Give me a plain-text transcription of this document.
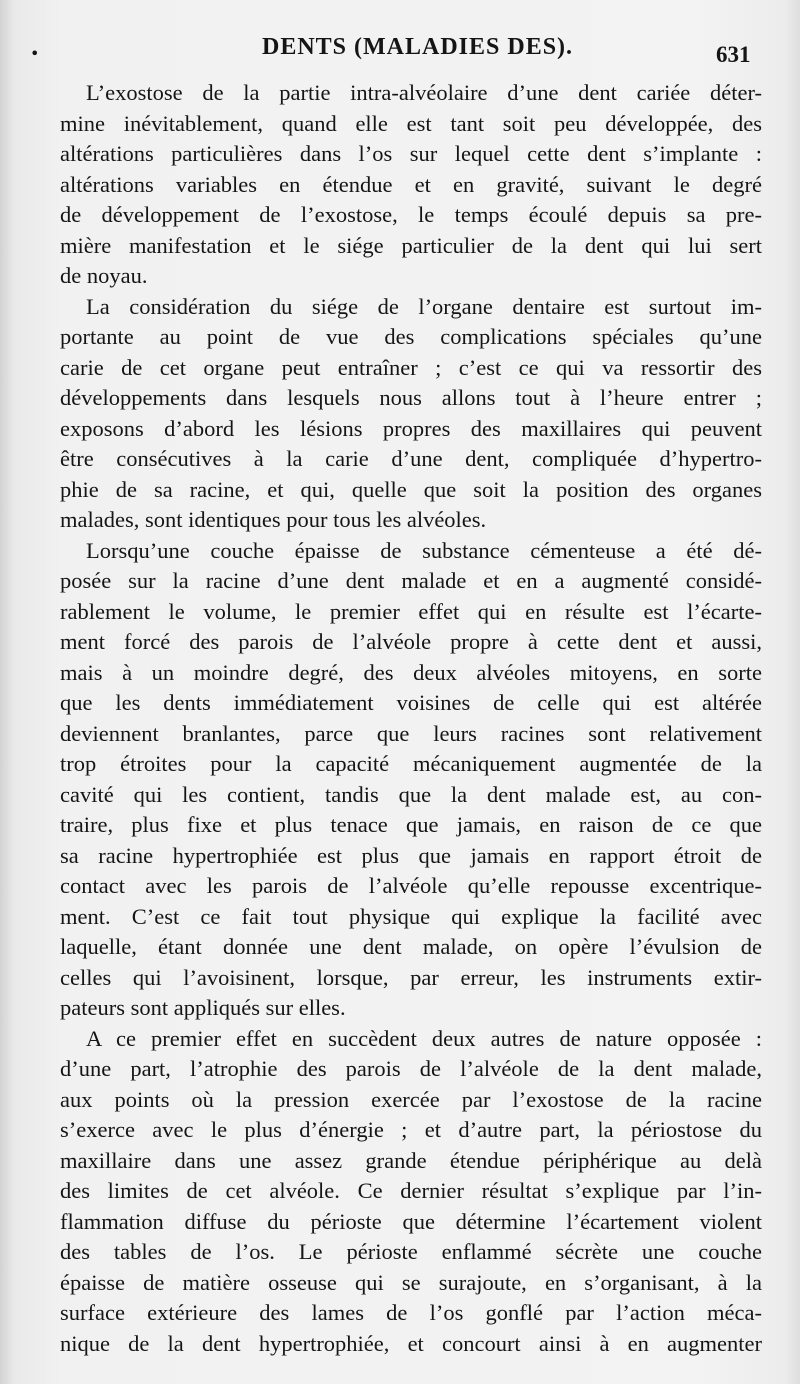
•	DENTS (MALADIES DES).	631
L’exostose de la partie intra-alvéolaire d’une dent cariée déter-
mine inévitablement, quand elle est tant soit peu développée, des
altérations particulières dans l’os sur lequel cette dent s’implante :
altérations variables en étendue et en gravité, suivant le degré
de développement de l’exostose, le temps écoulé depuis sa pre-
mière manifestation et le siége particulier de la dent qui lui sert
de noyau.
La considération du siége de l’organe dentaire est surtout im-
portante au point de vue des complications spéciales qu’une
carie de cet organe peut entraîner ; c’est ce qui va ressortir des
développements dans lesquels nous allons tout à l’heure entrer ;
exposons d’abord les lésions propres des maxillaires qui peuvent
être consécutives à la carie d’une dent, compliquée d’hypertro-
phie de sa racine, et qui, quelle que soit la position des organes
malades, sont identiques pour tous les alvéoles.
Lorsqu’une couche épaisse de substance cémenteuse a été dé-
posée sur la racine d’une dent malade et en a augmenté considé-
rablement le volume, le premier effet qui en résulte est l’écarte-
ment forcé des parois de l’alvéole propre à cette dent et aussi,
mais à un moindre degré, des deux alvéoles mitoyens, en sorte
que les dents immédiatement voisines de celle qui est altérée
deviennent branlantes, parce que leurs racines sont relativement
trop étroites pour la capacité mécaniquement augmentée de la
cavité qui les contient, tandis que la dent malade est, au con-
traire, plus fixe et plus tenace que jamais, en raison de ce que
sa racine hypertrophiée est plus que jamais en rapport étroit de
contact avec les parois de l’alvéole qu’elle repousse excentrique-
ment. C’est ce fait tout physique qui explique la facilité avec
laquelle, étant donnée une dent malade, on opère l’évulsion de
celles qui l’avoisinent, lorsque, par erreur, les instruments extir-
pateurs sont appliqués sur elles.
A ce premier effet en succèdent deux autres de nature opposée :
d’une part, l’atrophie des parois de l’alvéole de la dent malade,
aux points où la pression exercée par l’exostose de la racine
s’exerce avec le plus d’énergie ; et d’autre part, la périostose du
maxillaire dans une assez grande étendue périphérique au delà
des limites de cet alvéole. Ce dernier résultat s’explique par l’in-
flammation diffuse du périoste que détermine l’écartement violent
des tables de l’os. Le périoste enflammé sécrète une couche
épaisse de matière osseuse qui se surajoute, en s’organisant, à la
surface extérieure des lames de l’os gonflé par l’action méca-
nique de la dent hypertrophiée, et concourt ainsi à en augmenter
